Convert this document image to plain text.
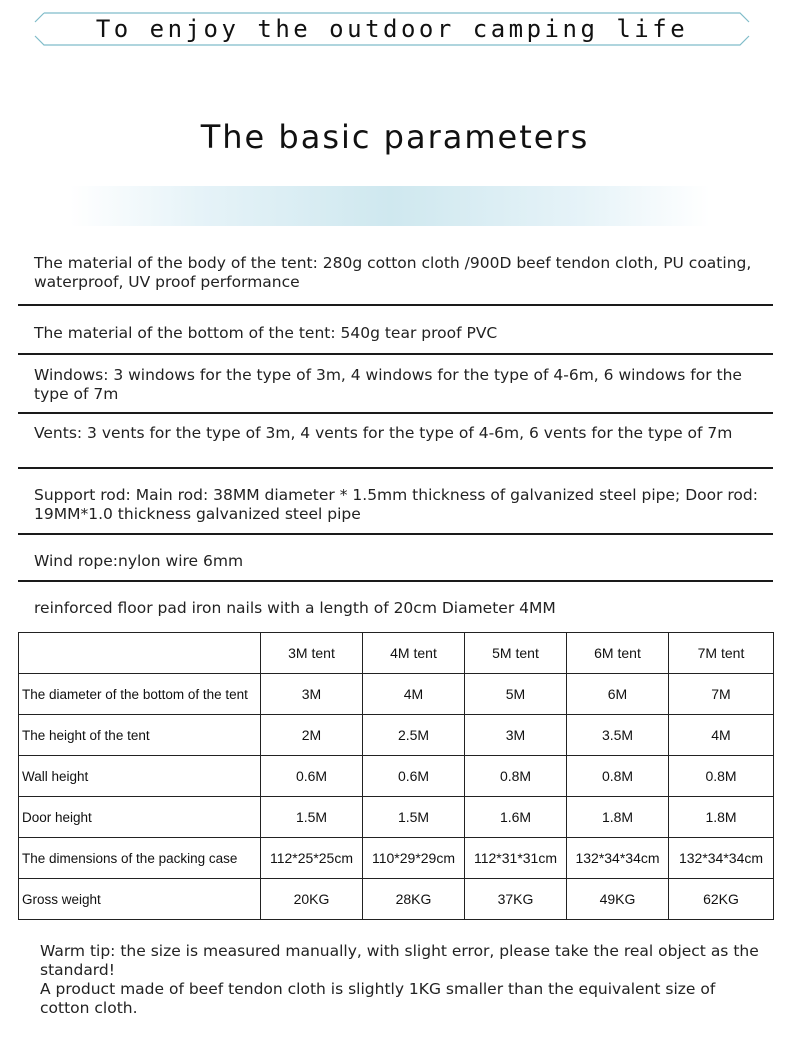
To enjoy the outdoor camping life
The basic parameters
The material of the body of the tent: 280g cotton cloth /900D beef tendon cloth, PU coating, waterproof, UV proof performance
The material of the bottom of the tent: 540g tear proof PVC
Windows: 3 windows for the type of 3m, 4 windows for the type of 4-6m, 6 windows for the type of 7m
Vents: 3 vents for the type of 3m, 4 vents for the type of 4-6m, 6 vents for the type of 7m
Support rod: Main rod: 38MM diameter * 1.5mm thickness of galvanized steel pipe; Door rod: 19MM*1.0 thickness galvanized steel pipe
Wind rope:nylon wire 6mm
reinforced floor pad iron nails with a length of 20cm Diameter 4MM
	3M tent	4M tent	5M tent	6M tent	7M tent
The diameter of the bottom of the tent	3M	4M	5M	6M	7M
The height of the tent	2M	2.5M	3M	3.5M	4M
Wall height	0.6M	0.6M	0.8M	0.8M	0.8M
Door height	1.5M	1.5M	1.6M	1.8M	1.8M
The dimensions of the packing case	112*25*25cm	110*29*29cm	112*31*31cm	132*34*34cm	132*34*34cm
Gross weight	20KG	28KG	37KG	49KG	62KG
Warm tip: the size is measured manually, with slight error, please take the real object as the standard!
A product made of beef tendon cloth is slightly 1KG smaller than the equivalent size of cotton cloth.
